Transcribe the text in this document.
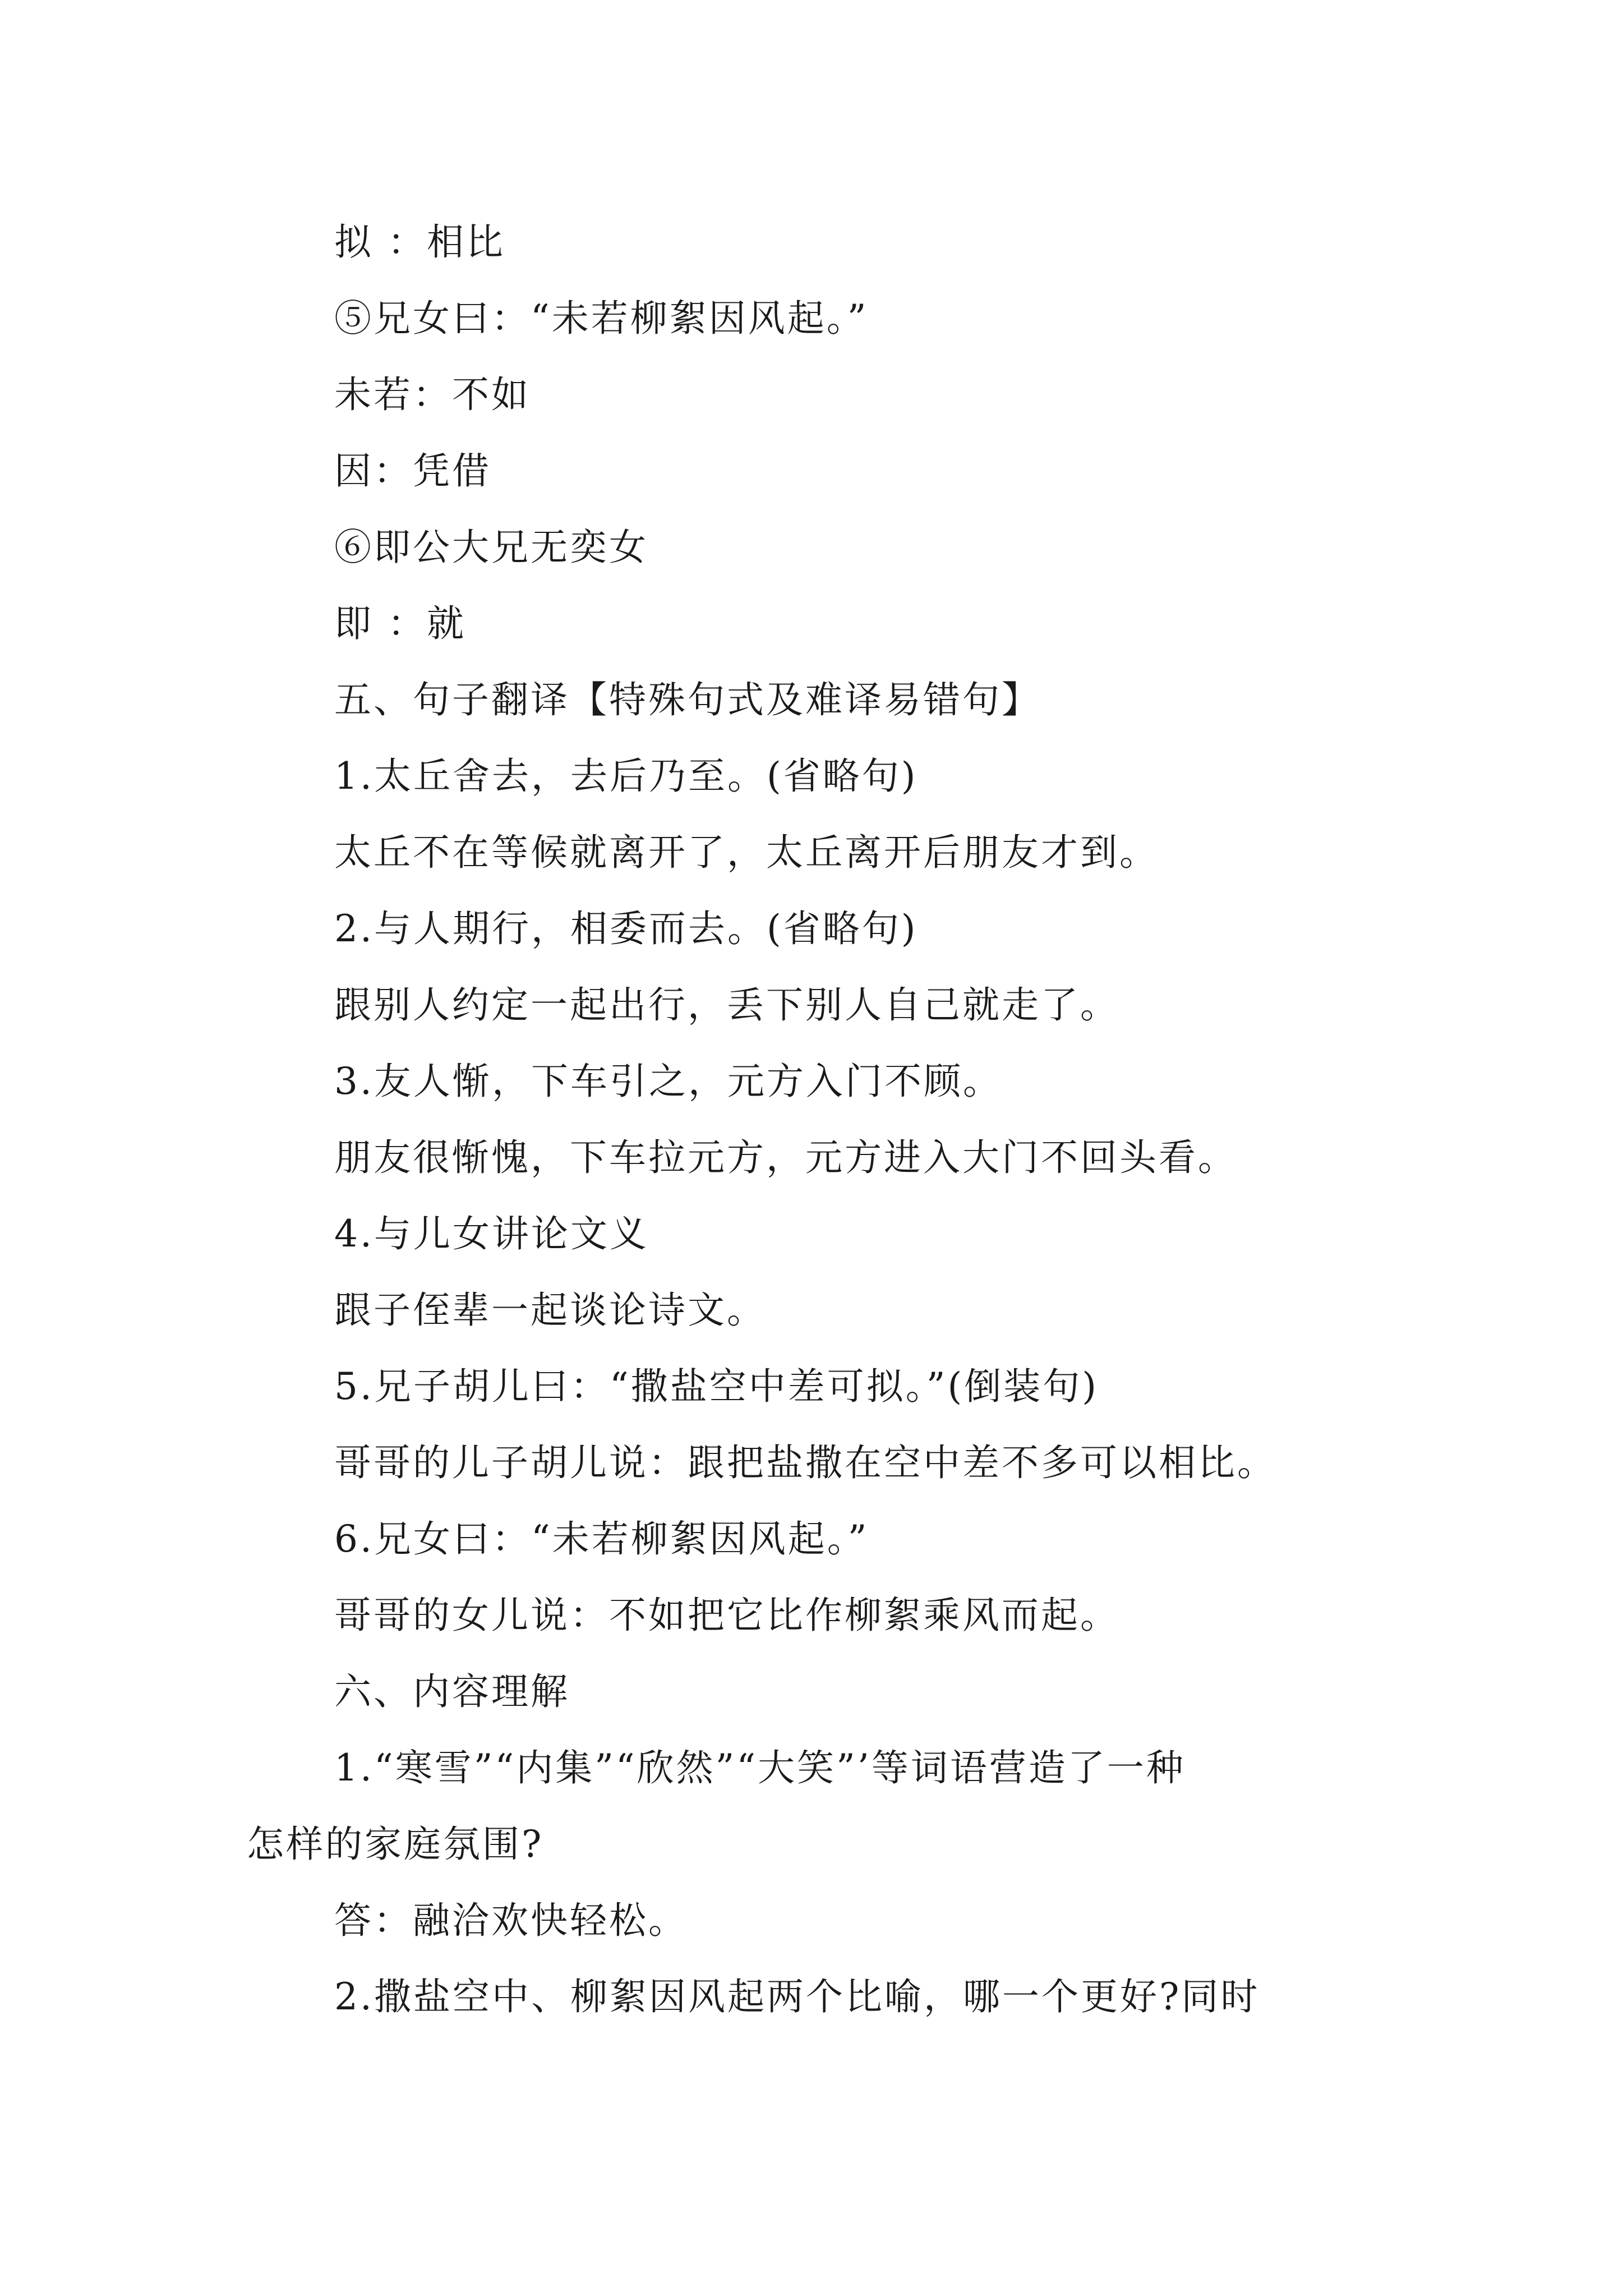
拟 ：相比
⑤兄女曰：“未若柳絮因风起。”
未若：不如
因：凭借
⑥即公大兄无奕女
即 ：就
五、句子翻译【特殊句式及难译易错句】
1.太丘舍去，去后乃至。(省略句)
太丘不在等候就离开了，太丘离开后朋友才到。
2.与人期行，相委而去。(省略句)
跟别人约定一起出行，丢下别人自己就走了。
3.友人惭，下车引之，元方入门不顾。
朋友很惭愧，下车拉元方，元方进入大门不回头看。
4.与儿女讲论文义
跟子侄辈一起谈论诗文。
5.兄子胡儿曰：“撒盐空中差可拟。”(倒装句)
哥哥的儿子胡儿说：跟把盐撒在空中差不多可以相比。
6.兄女曰：“未若柳絮因风起。”
哥哥的女儿说：不如把它比作柳絮乘风而起。
六、内容理解
1.“寒雪”“内集”“欣然”“大笑”’等词语营造了一种
怎样的家庭氛围?
答：融洽欢快轻松。
2.撒盐空中、柳絮因风起两个比喻，哪一个更好?同时
